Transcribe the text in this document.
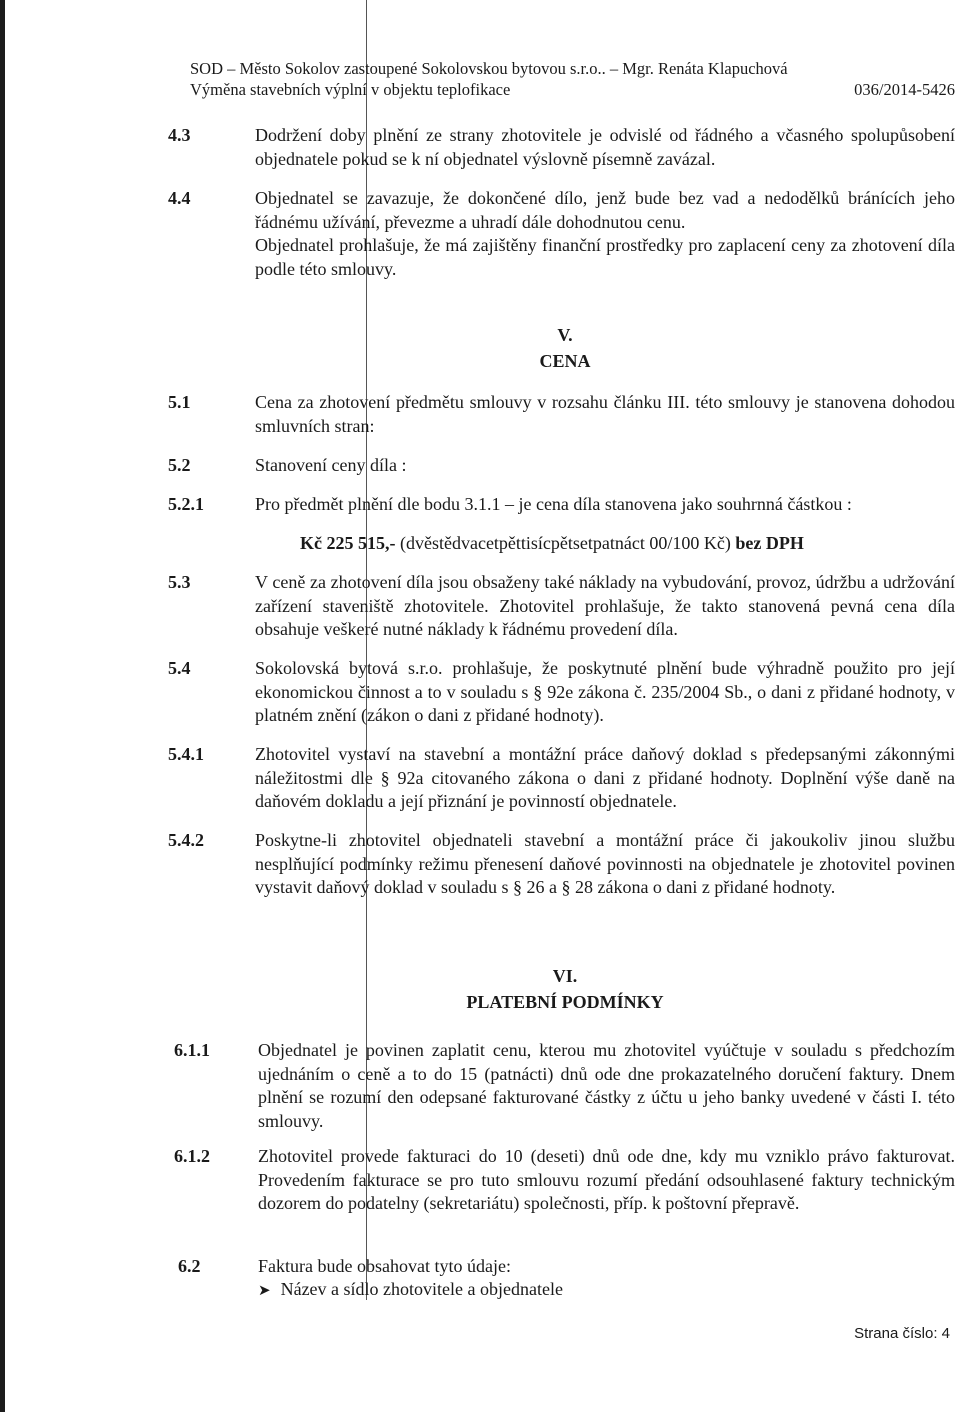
SOD – Město Sokolov zastoupené Sokolovskou bytovou s.r.o.. – Mgr. Renáta Klapuchová
Výměna stavebních výplní v objektu teplofikace	036/2014-5426
4.3	Dodržení doby plnění ze strany zhotovitele je odvislé od řádného a včasného spolupůsobení objednatele pokud se k ní objednatel výslovně písemně zavázal.
4.4	Objednatel se zavazuje, že dokončené dílo, jenž bude bez vad a nedodělků bránících jeho řádnému užívání, převezme a uhradí dále dohodnutou cenu.
Objednatel prohlašuje, že má zajištěny finanční prostředky pro zaplacení ceny za zhotovení díla podle této smlouvy.
V.
CENA
5.1	Cena za zhotovení předmětu smlouvy v rozsahu článku III. této smlouvy je stanovena dohodou smluvních stran:
5.2	Stanovení ceny díla :
5.2.1	Pro předmět plnění dle bodu 3.1.1 – je cena díla stanovena jako souhrnná částkou :
Kč 225 515,- (dvěstědvacetpěttisícpětsetpatnáct 00/100 Kč) bez DPH
5.3	V ceně za zhotovení díla jsou obsaženy také náklady na vybudování, provoz, údržbu a udržování zařízení staveniště zhotovitele. Zhotovitel prohlašuje, že takto stanovená pevná cena díla obsahuje veškeré nutné náklady k řádnému provedení díla.
5.4	Sokolovská bytová s.r.o. prohlašuje, že poskytnuté plnění bude výhradně použito pro její ekonomickou činnost a to v souladu s § 92e zákona č. 235/2004 Sb., o dani z přidané hodnoty, v platném znění (zákon o dani z přidané hodnoty).
5.4.1	Zhotovitel vystaví na stavební a montážní práce daňový doklad s předepsanými zákonnými náležitostmi dle § 92a citovaného zákona o dani z přidané hodnoty. Doplnění výše daně na daňovém dokladu a její přiznání je povinností objednatele.
5.4.2	Poskytne-li zhotovitel objednateli stavební a montážní práce či jakoukoliv jinou službu nesplňující podmínky režimu přenesení daňové povinnosti na objednatele je zhotovitel povinen vystavit daňový doklad v souladu s § 26 a § 28 zákona o dani z přidané hodnoty.
VI.
PLATEBNÍ PODMÍNKY
6.1.1	Objednatel je povinen zaplatit cenu, kterou mu zhotovitel vyúčtuje v souladu s předchozím ujednáním o ceně a to do 15 (patnácti) dnů ode dne prokazatelného doručení faktury. Dnem plnění se rozumí den odepsané fakturované částky z účtu u jeho banky uvedené v části I. této smlouvy.
6.1.2	Zhotovitel provede fakturaci do 10 (deseti) dnů ode dne, kdy mu vzniklo právo fakturovat. Provedením fakturace se pro tuto smlouvu rozumí předání odsouhlasené faktury technickým dozorem do podatelny (sekretariátu) společnosti, příp. k poštovní přepravě.
6.2	Faktura bude obsahovat tyto údaje:
➤ Název a sídlo zhotovitele a objednatele
Strana číslo: 4
